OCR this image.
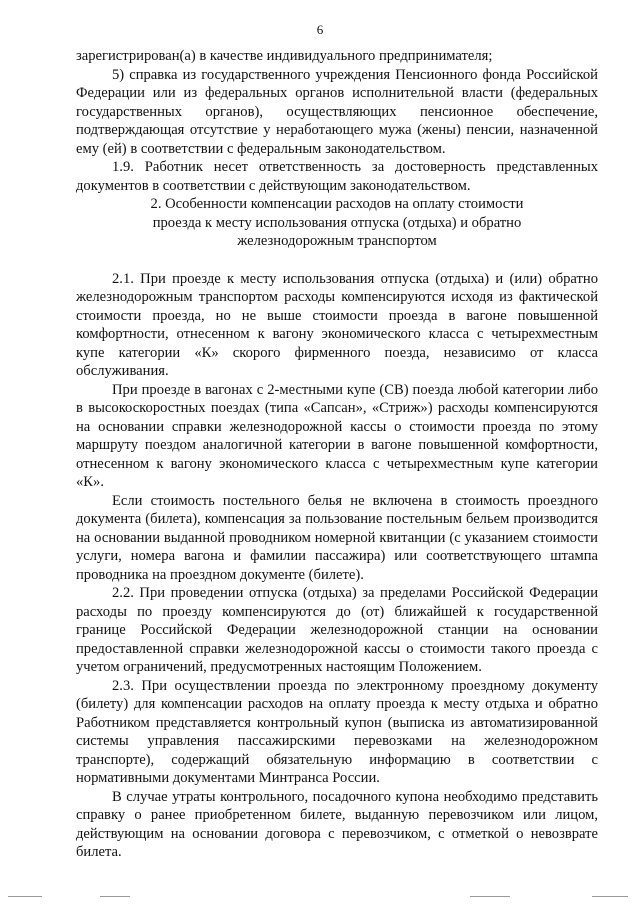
6

зарегистрирован(а) в качестве индивидуального предпринимателя;

5) справка из государственного учреждения Пенсионного фонда Российской Федерации или из федеральных органов исполнительной власти (федеральных государственных органов), осуществляющих пенсионное обеспечение, подтверждающая отсутствие у неработающего мужа (жены) пенсии, назначенной ему (ей) в соответствии с федеральным законодательством.

1.9. Работник несет ответственность за достоверность представленных документов в соответствии с действующим законодательством.

2. Особенности компенсации расходов на оплату стоимости проезда к месту использования отпуска (отдыха) и обратно железнодорожным транспортом

2.1. При проезде к месту использования отпуска (отдыха) и (или) обратно железнодорожным транспортом расходы компенсируются исходя из фактической стоимости проезда, но не выше стоимости проезда в вагоне повышенной комфортности, отнесенном к вагону экономического класса с четырехместным купе категории «К» скорого фирменного поезда, независимо от класса обслуживания.

При проезде в вагонах с 2-местными купе (СВ) поезда любой категории либо в высокоскоростных поездах (типа «Сапсан», «Стриж») расходы компенсируются на основании справки железнодорожной кассы о стоимости проезда по этому маршруту поездом аналогичной категории в вагоне повышенной комфортности, отнесенном к вагону экономического класса с четырехместным купе категории «К».

Если стоимость постельного белья не включена в стоимость проездного документа (билета), компенсация за пользование постельным бельем производится на основании выданной проводником номерной квитанции (с указанием стоимости услуги, номера вагона и фамилии пассажира) или соответствующего штампа проводника на проездном документе (билете).

2.2. При проведении отпуска (отдыха) за пределами Российской Федерации расходы по проезду компенсируются до (от) ближайшей к государственной границе Российской Федерации железнодорожной станции на основании предоставленной справки железнодорожной кассы о стоимости такого проезда с учетом ограничений, предусмотренных настоящим Положением.

2.3. При осуществлении проезда по электронному проездному документу (билету) для компенсации расходов на оплату проезда к месту отдыха и обратно Работником представляется контрольный купон (выписка из автоматизированной системы управления пассажирскими перевозками на железнодорожном транспорте), содержащий обязательную информацию в соответствии с нормативными документами Минтранса России.

В случае утраты контрольного, посадочного купона необходимо представить справку о ранее приобретенном билете, выданную перевозчиком или лицом, действующим на основании договора с перевозчиком, с отметкой о невозврате билета.
